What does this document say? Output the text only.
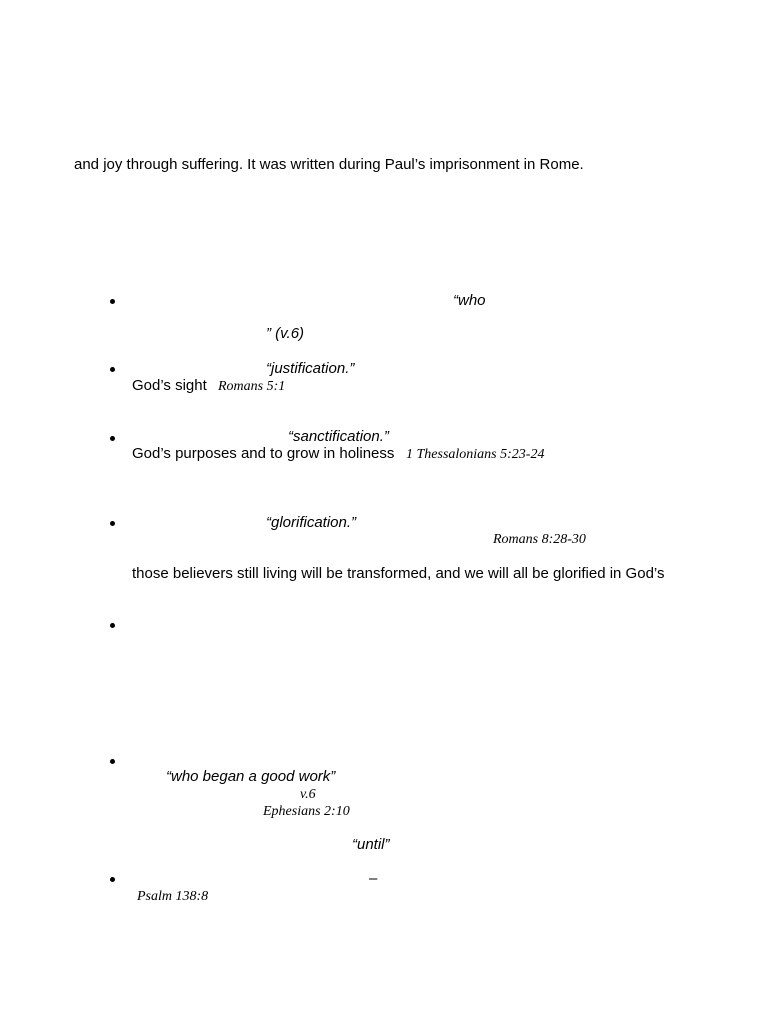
and joy through suffering. It was written during Paul’s imprisonment in Rome.
“who
” (v.6)
“justification.”
God’s sight Romans 5:1
“sanctification.”
God’s purposes and to grow in holiness 1 Thessalonians 5:23-24
“glorification.”
Romans 8:28-30
those believers still living will be transformed, and we will all be glorified in God’s
“who began a good work”
v.6
Ephesians 2:10
“until”
–
Psalm 138:8
